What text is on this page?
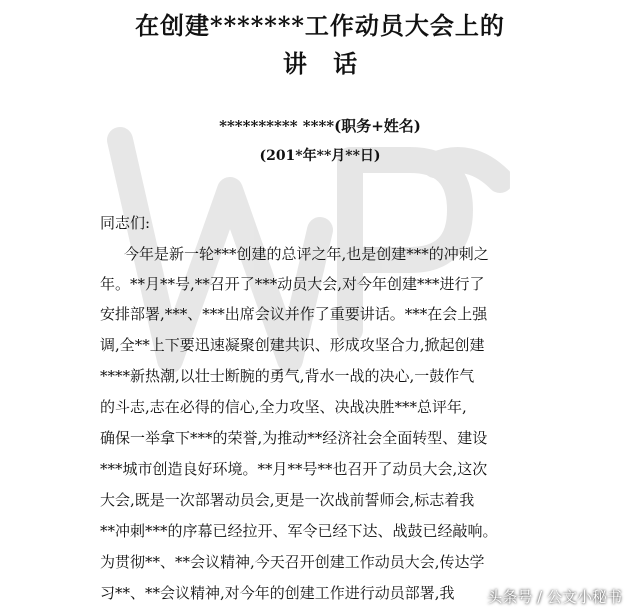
在创建*******工作动员大会上的
讲 话
********** ****(职务+姓名)
(201*年**月**日)
同志们:
今年是新一轮***创建的总评之年,也是创建***的冲刺之
年。**月**号,**召开了***动员大会,对今年创建***进行了
安排部署,***、***出席会议并作了重要讲话。***在会上强
调,全**上下要迅速凝聚创建共识、形成攻坚合力,掀起创建
****新热潮,以壮士断腕的勇气,背水一战的决心,一鼓作气
的斗志,志在必得的信心,全力攻坚、决战决胜***总评年,
确保一举拿下***的荣誉,为推动**经济社会全面转型、建设
***城市创造良好环境。**月**号**也召开了动员大会,这次
大会,既是一次部署动员会,更是一次战前誓师会,标志着我
**冲刺***的序幕已经拉开、军令已经下达、战鼓已经敲响。
为贯彻**、**会议精神,今天召开创建工作动员大会,传达学
习**、**会议精神,对今年的创建工作进行动员部署,我 头条号 / 公文小秘书
